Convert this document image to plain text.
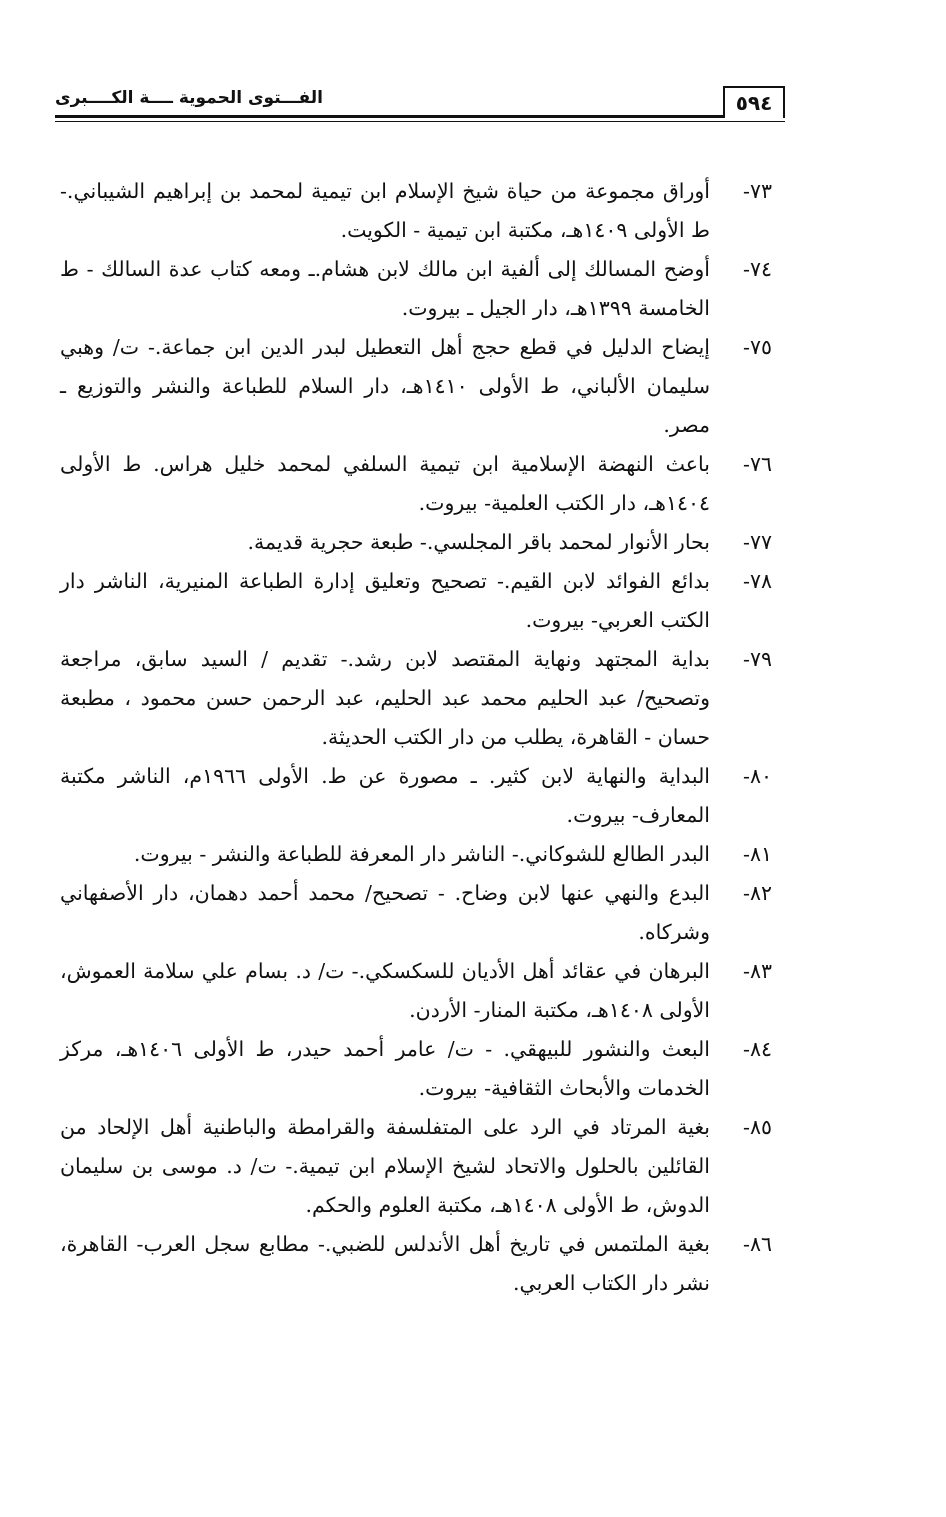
الفـــتوى الحموية ــــة الكــــبرى	٥٩٤
٧٣-
أوراق مجموعة من حياة شيخ الإسلام ابن تيمية لمحمد بن إبراهيم الشيباني.- ط الأولى ١٤٠٩هـ، مكتبة ابن تيمية - الكويت.
٧٤-
أوضح المسالك إلى ألفية ابن مالك لابن هشام.ـ ومعه كتاب عدة السالك - ط الخامسة ١٣٩٩هـ، دار الجيل ـ بيروت.
٧٥-
إيضاح الدليل في قطع حجج أهل التعطيل لبدر الدين ابن جماعة.- ت/ وهبي سليمان الألباني، ط الأولى ١٤١٠هـ، دار السلام للطباعة والنشر والتوزيع ـ مصر.
٧٦-
باعث النهضة الإسلامية ابن تيمية السلفي لمحمد خليل هراس. ط الأولى ١٤٠٤هـ، دار الكتب العلمية- بيروت.
٧٧-
بحار الأنوار لمحمد باقر المجلسي.- طبعة حجرية قديمة.
٧٨-
بدائع الفوائد لابن القيم.- تصحيح وتعليق إدارة الطباعة المنيرية، الناشر دار الكتب العربي- بيروت.
٧٩-
بداية المجتهد ونهاية المقتصد لابن رشد.- تقديم / السيد سابق، مراجعة وتصحيح/ عبد الحليم محمد عبد الحليم، عبد الرحمن حسن محمود ، مطبعة حسان - القاهرة، يطلب من دار الكتب الحديثة.
٨٠-
البداية والنهاية لابن كثير. ـ مصورة عن ط. الأولى ١٩٦٦م، الناشر مكتبة المعارف- بيروت.
٨١-
البدر الطالع للشوكاني.- الناشر دار المعرفة للطباعة والنشر - بيروت.
٨٢-
البدع والنهي عنها لابن وضاح. - تصحيح/ محمد أحمد دهمان، دار الأصفهاني وشركاه.
٨٣-
البرهان في عقائد أهل الأديان للسكسكي.- ت/ د. بسام علي سلامة العموش، الأولى ١٤٠٨هـ، مكتبة المنار- الأردن.
٨٤-
البعث والنشور للبيهقي. - ت/ عامر أحمد حيدر، ط الأولى ١٤٠٦هـ، مركز الخدمات والأبحاث الثقافية- بيروت.
٨٥-
بغية المرتاد في الرد على المتفلسفة والقرامطة والباطنية أهل الإلحاد من القائلين بالحلول والاتحاد لشيخ الإسلام ابن تيمية.- ت/ د. موسى بن سليمان الدوش، ط الأولى ١٤٠٨هـ، مكتبة العلوم والحكم.
٨٦-
بغية الملتمس في تاريخ أهل الأندلس للضبي.- مطابع سجل العرب- القاهرة، نشر دار الكتاب العربي.
